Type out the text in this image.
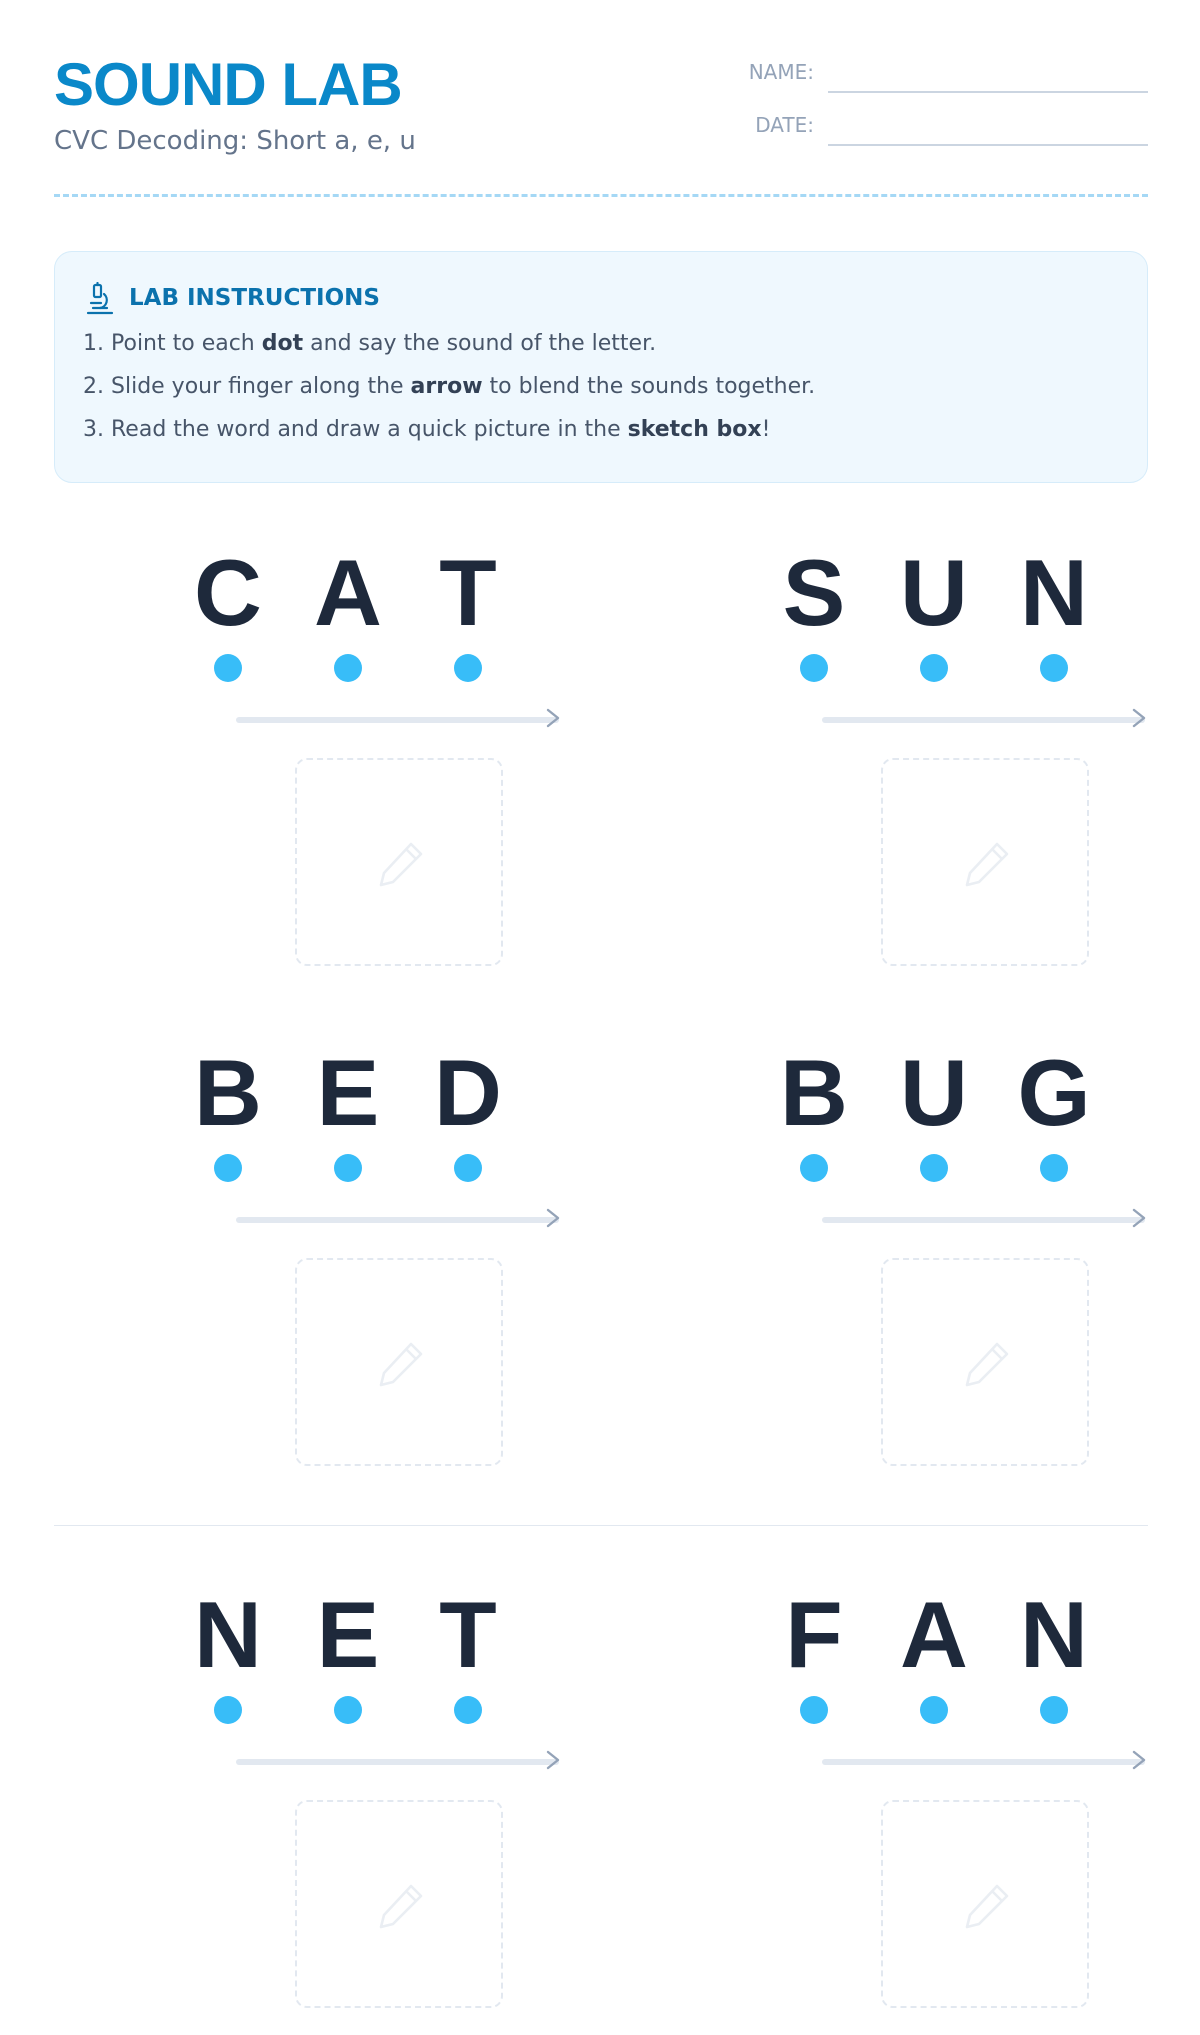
SOUND LAB
CVC Decoding: Short a, e, u
NAME:
DATE:
LAB INSTRUCTIONS
1. Point to each dot and say the sound of the letter.
2. Slide your finger along the arrow to blend the sounds together.
3. Read the word and draw a quick picture in the sketch box!
C A T	S U N
B E D	B U G
N E T	F A N
